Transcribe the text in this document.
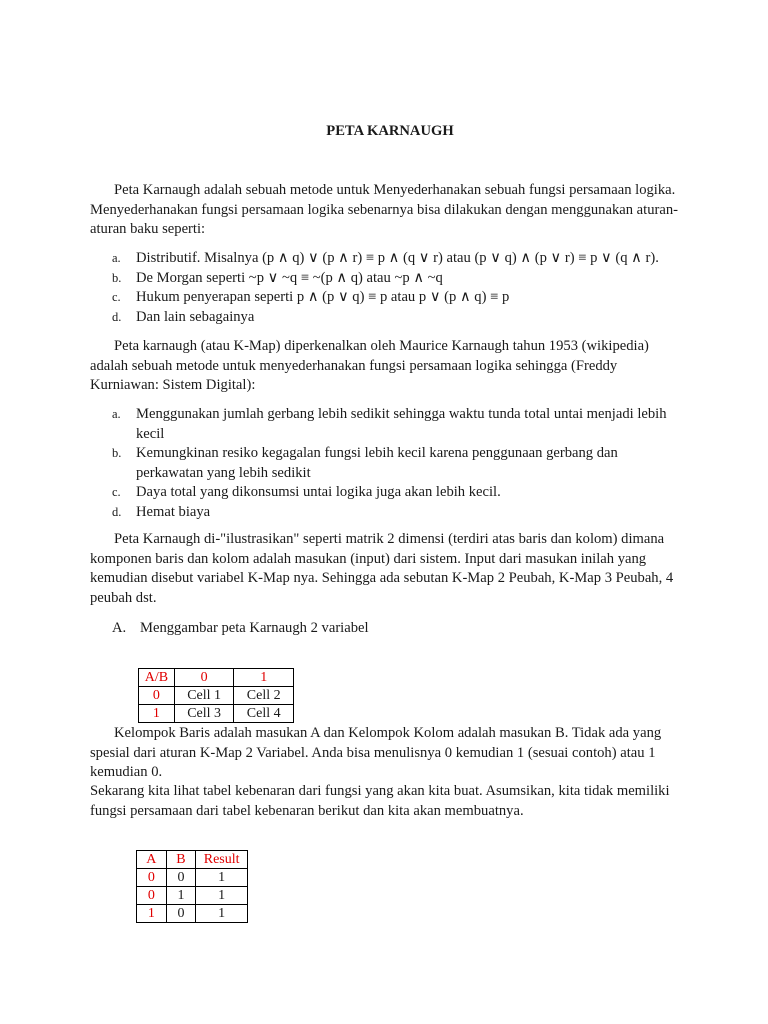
PETA KARNAUGH

Peta Karnaugh adalah sebuah metode untuk Menyederhanakan sebuah fungsi persamaan logika. Menyederhanakan fungsi persamaan logika sebenarnya bisa dilakukan dengan menggunakan aturan-aturan baku seperti:

a. Distributif. Misalnya (p ∧ q) ∨ (p ∧ r) ≡ p ∧ (q ∨ r) atau (p ∨ q) ∧ (p ∨ r) ≡ p ∨ (q ∧ r).
b. De Morgan seperti ~p ∨ ~q ≡ ~(p ∧ q) atau ~p ∧ ~q
c. Hukum penyerapan seperti p ∧ (p ∨ q) ≡ p atau p ∨ (p ∧ q) ≡ p
d. Dan lain sebagainya

Peta karnaugh (atau K-Map) diperkenalkan oleh Maurice Karnaugh tahun 1953 (wikipedia) adalah sebuah metode untuk menyederhanakan fungsi persamaan logika sehingga (Freddy Kurniawan: Sistem Digital):

a. Menggunakan jumlah gerbang lebih sedikit sehingga waktu tunda total untai menjadi lebih kecil
b. Kemungkinan resiko kegagalan fungsi lebih kecil karena penggunaan gerbang dan perkawatan yang lebih sedikit
c. Daya total yang dikonsumsi untai logika juga akan lebih kecil.
d. Hemat biaya

Peta Karnaugh di-"ilustrasikan" seperti matrik 2 dimensi (terdiri atas baris dan kolom) dimana komponen baris dan kolom adalah masukan (input) dari sistem. Input dari masukan inilah yang kemudian disebut variabel K-Map nya. Sehingga ada sebutan K-Map 2 Peubah, K-Map 3 Peubah, 4 peubah dst.

A. Menggambar peta Karnaugh 2 variabel
A/B	0	1
0	Cell 1	Cell 2
1	Cell 3	Cell 4

Kelompok Baris adalah masukan A dan Kelompok Kolom adalah masukan B. Tidak ada yang spesial dari aturan K-Map 2 Variabel. Anda bisa menulisnya 0 kemudian 1 (sesuai contoh) atau 1 kemudian 0.

Sekarang kita lihat tabel kebenaran dari fungsi yang akan kita buat. Asumsikan, kita tidak memiliki fungsi persamaan dari tabel kebenaran berikut dan kita akan membuatnya.

A	B	Result
0	0	1
0	1	1
1	0	1
